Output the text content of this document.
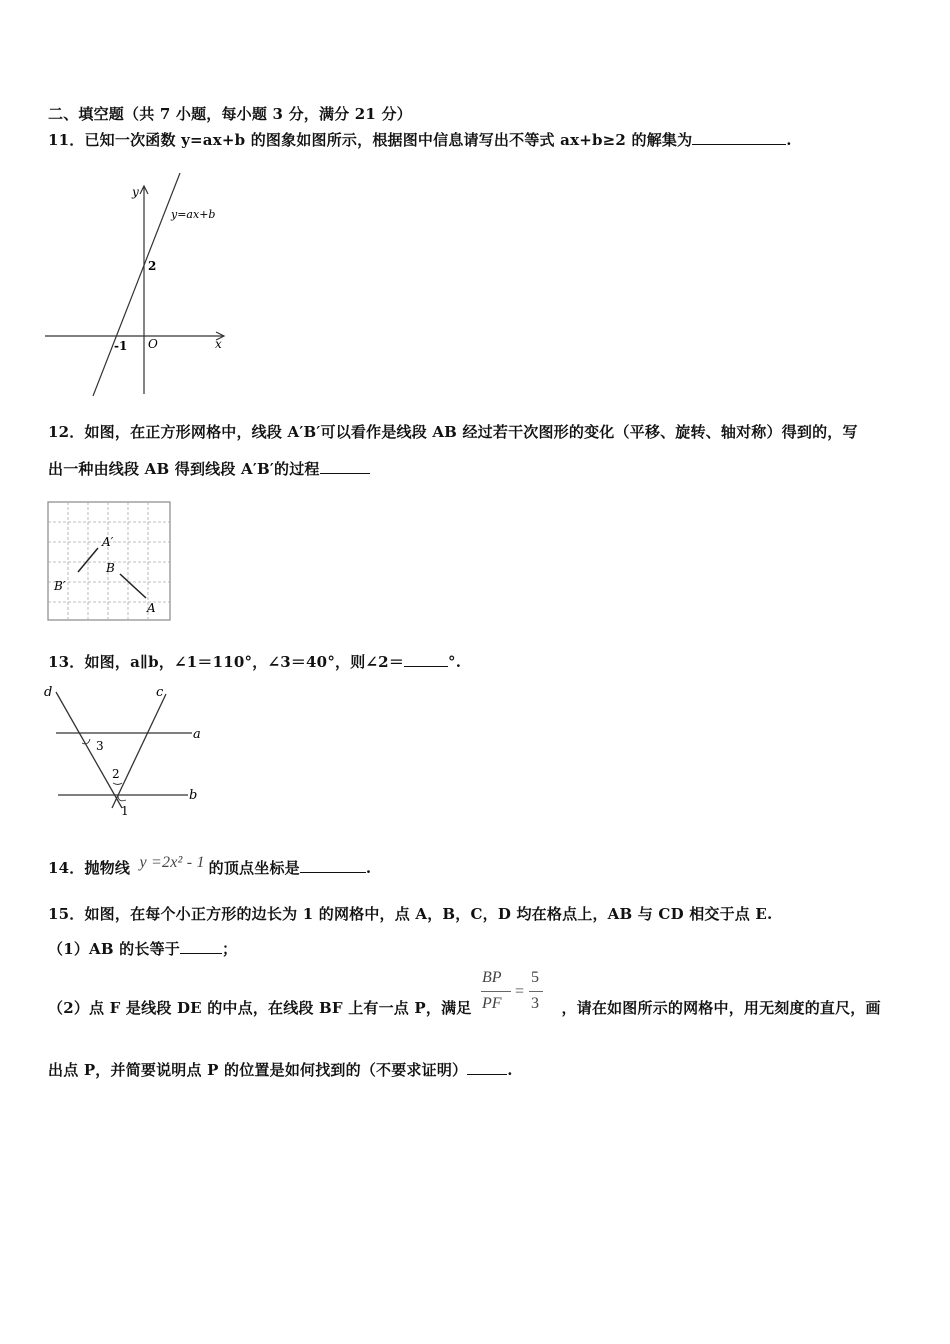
二、填空题（共 7 小题，每小题 3 分，满分 21 分）
11．已知一次函数 y=ax+b 的图象如图所示，根据图中信息请写出不等式 ax+b≥2 的解集为	.
y
x
O
y=ax+b
2
-1
12．如图，在正方形网格中，线段 A′B′可以看作是线段 AB 经过若干次图形的变化（平移、旋转、轴对称）得到的，写
出一种由线段 AB 得到线段 A′B′的过程
A′
B′
B
A
13．如图，a∥b，∠1＝110°，∠3＝40°，则∠2＝	°.
d	c
a
b
3
2
1
14．抛物线 y =2x² - 1 的顶点坐标是	.
15．如图，在每个小正方形的边长为 1 的网格中，点 A，B，C，D 均在格点上，AB 与 CD 相交于点 E.
（1）AB 的长等于	；
（2）点 F 是线段 DE 的中点，在线段 BF 上有一点 P，满足	，请在如图所示的网格中，用无刻度的直尺，画
BP
PF
=
5
3
出点 P，并简要说明点 P 的位置是如何找到的（不要求证明）	.
